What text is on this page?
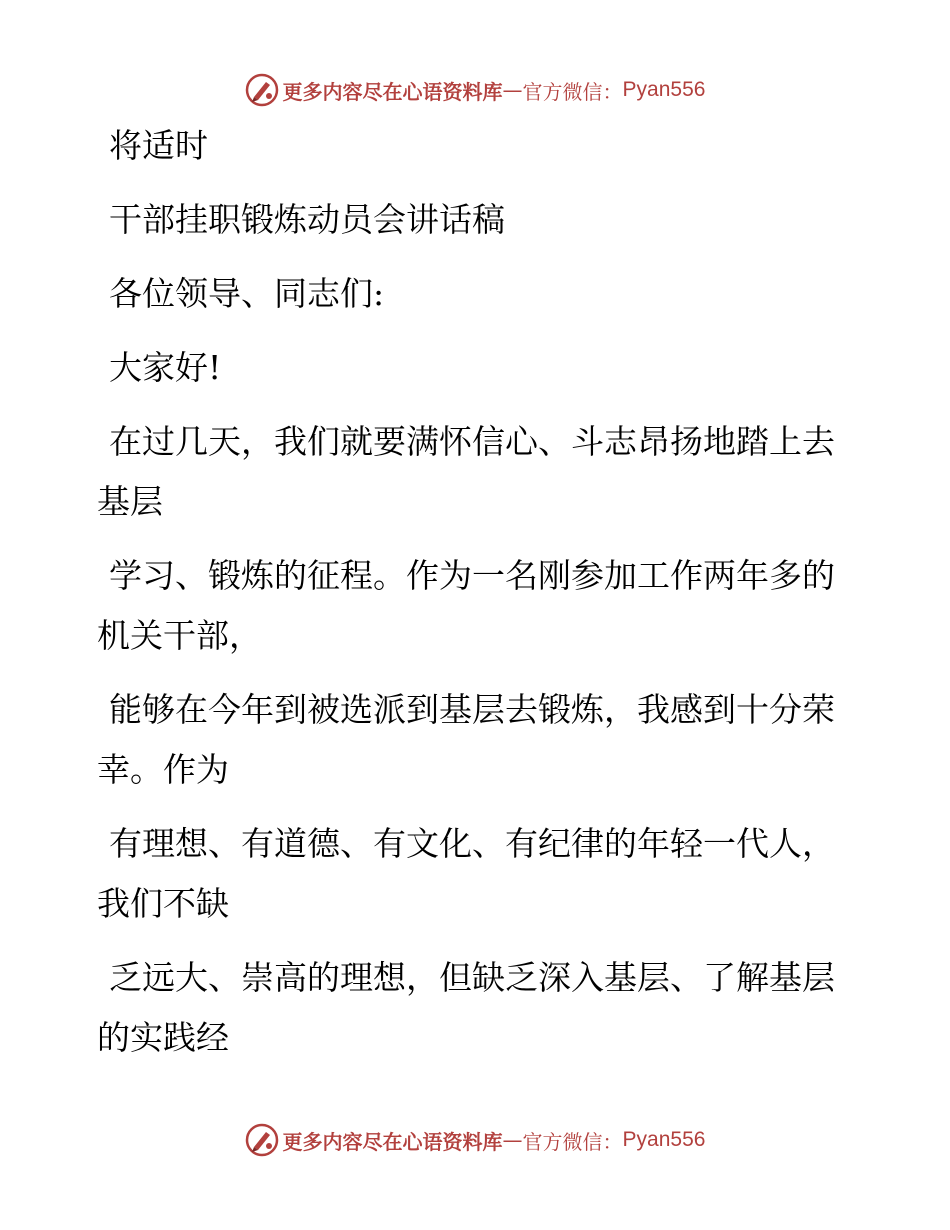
更多内容尽在心语资料库 — 官方微信： Pyan556

将适时

干部挂职锻炼动员会讲话稿

各位领导、同志们:

大家好!

在过几天，我们就要满怀信心、斗志昂扬地踏上去基层

学习、锻炼的征程。作为一名刚参加工作两年多的机关干部，

能够在今年到被选派到基层去锻炼，我感到十分荣幸。作为

有理想、有道德、有文化、有纪律的年轻一代人，我们不缺

乏远大、崇高的理想，但缺乏深入基层、了解基层的实践经

更多内容尽在心语资料库 — 官方微信： Pyan556
